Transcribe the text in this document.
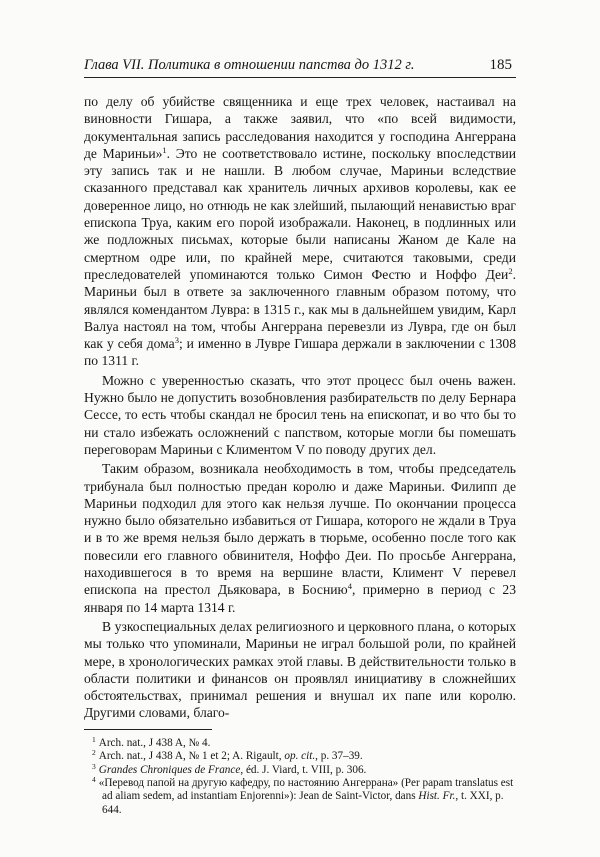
Глава VII. Политика в отношении папства до 1312 г.	185

по делу об убийстве священника и еще трех человек, настаивал на виновности Гишара, а также заявил, что «по всей видимости, документальная запись расследования находится у господина Ангеррана де Мариньи»$^1$. Это не соответствовало истине, поскольку впоследствии эту запись так и не нашли. В любом случае, Мариньи вследствие сказанного представал как хранитель личных архивов королевы, как ее доверенное лицо, но отнюдь не как злейший, пылающий ненавистью враг епископа Труа, каким его порой изображали. Наконец, в подлинных или же подложных письмах, которые были написаны Жаном де Кале на смертном одре или, по крайней мере, считаются таковыми, среди преследователей упоминаются только Симон Фестю и Ноффо Деи$^2$. Мариньи был в ответе за заключенного главным образом потому, что являлся комендантом Лувра: в 1315 г., как мы в дальнейшем увидим, Карл Валуа настоял на том, чтобы Ангеррана перевезли из Лувра, где он был как у себя дома$^3$; и именно в Лувре Гишара держали в заключении с 1308 по 1311 г.

Можно с уверенностью сказать, что этот процесс был очень важен. Нужно было не допустить возобновления разбирательств по делу Бернара Сессе, то есть чтобы скандал не бросил тень на епископат, и во что бы то ни стало избежать осложнений с папством, которые могли бы помешать переговорам Мариньи с Климентом V по поводу других дел.

Таким образом, возникала необходимость в том, чтобы председатель трибунала был полностью предан королю и даже Мариньи. Филипп де Мариньи подходил для этого как нельзя лучше. По окончании процесса нужно было обязательно избавиться от Гишара, которого не ждали в Труа и в то же время нельзя было держать в тюрьме, особенно после того как повесили его главного обвинителя, Ноффо Деи. По просьбе Ангеррана, находившегося в то время на вершине власти, Климент V перевел епископа на престол Дьяковара, в Боснию$^4$, примерно в период с 23 января по 14 марта 1314 г.

В узкоспециальных делах религиозного и церковного плана, о которых мы только что упоминали, Мариньи не играл большой роли, по крайней мере, в хронологических рамках этой главы. В действительности только в области политики и финансов он проявлял инициативу в сложнейших обстоятельствах, принимал решения и внушал их папе или королю. Другими словами, благо-

$^1$ Arch. nat., J 438 A, № 4.
$^2$ Arch. nat., J 438 A, № 1 et 2; A. Rigault, op. cit., p. 37–39.
$^3$ Grandes Chroniques de France, éd. J. Viard, t. VIII, p. 306.
$^4$ «Перевод папой на другую кафедру, по настоянию Ангеррана» (Per papam translatus est ad aliam sedem, ad instantiam Enjorenni»): Jean de Saint-Victor, dans Hist. Fr., t. XXI, p. 644.
